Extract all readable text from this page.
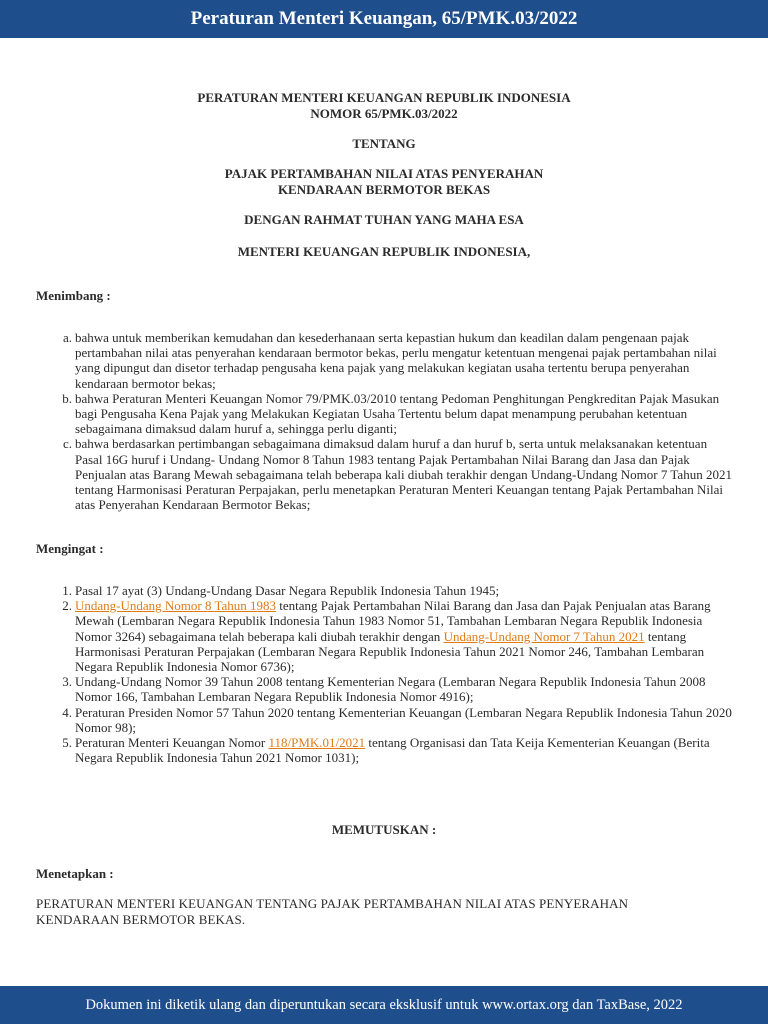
Peraturan Menteri Keuangan, 65/PMK.03/2022
PERATURAN MENTERI KEUANGAN REPUBLIK INDONESIA
NOMOR 65/PMK.03/2022
TENTANG
PAJAK PERTAMBAHAN NILAI ATAS PENYERAHAN
KENDARAAN BERMOTOR BEKAS
DENGAN RAHMAT TUHAN YANG MAHA ESA
MENTERI KEUANGAN REPUBLIK INDONESIA,
Menimbang :
a. bahwa untuk memberikan kemudahan dan kesederhanaan serta kepastian hukum dan keadilan dalam pengenaan pajak pertambahan nilai atas penyerahan kendaraan bermotor bekas, perlu mengatur ketentuan mengenai pajak pertambahan nilai yang dipungut dan disetor terhadap pengusaha kena pajak yang melakukan kegiatan usaha tertentu berupa penyerahan kendaraan bermotor bekas;
b. bahwa Peraturan Menteri Keuangan Nomor 79/PMK.03/2010 tentang Pedoman Penghitungan Pengkreditan Pajak Masukan bagi Pengusaha Kena Pajak yang Melakukan Kegiatan Usaha Tertentu belum dapat menampung perubahan ketentuan sebagaimana dimaksud dalam huruf a, sehingga perlu diganti;
c. bahwa berdasarkan pertimbangan sebagaimana dimaksud dalam huruf a dan huruf b, serta untuk melaksanakan ketentuan Pasal 16G huruf i Undang- Undang Nomor 8 Tahun 1983 tentang Pajak Pertambahan Nilai Barang dan Jasa dan Pajak Penjualan atas Barang Mewah sebagaimana telah beberapa kali diubah terakhir dengan Undang-Undang Nomor 7 Tahun 2021 tentang Harmonisasi Peraturan Perpajakan, perlu menetapkan Peraturan Menteri Keuangan tentang Pajak Pertambahan Nilai atas Penyerahan Kendaraan Bermotor Bekas;
Mengingat :
1. Pasal 17 ayat (3) Undang-Undang Dasar Negara Republik Indonesia Tahun 1945;
2. Undang-Undang Nomor 8 Tahun 1983 tentang Pajak Pertambahan Nilai Barang dan Jasa dan Pajak Penjualan atas Barang Mewah (Lembaran Negara Republik Indonesia Tahun 1983 Nomor 51, Tambahan Lembaran Negara Republik Indonesia Nomor 3264) sebagaimana telah beberapa kali diubah terakhir dengan Undang-Undang Nomor 7 Tahun 2021 tentang Harmonisasi Peraturan Perpajakan (Lembaran Negara Republik Indonesia Tahun 2021 Nomor 246, Tambahan Lembaran Negara Republik Indonesia Nomor 6736);
3. Undang-Undang Nomor 39 Tahun 2008 tentang Kementerian Negara (Lembaran Negara Republik Indonesia Tahun 2008 Nomor 166, Tambahan Lembaran Negara Republik Indonesia Nomor 4916);
4. Peraturan Presiden Nomor 57 Tahun 2020 tentang Kementerian Keuangan (Lembaran Negara Republik Indonesia Tahun 2020 Nomor 98);
5. Peraturan Menteri Keuangan Nomor 118/PMK.01/2021 tentang Organisasi dan Tata Keija Kementerian Keuangan (Berita Negara Republik Indonesia Tahun 2021 Nomor 1031);
MEMUTUSKAN :
Menetapkan :
PERATURAN MENTERI KEUANGAN TENTANG PAJAK PERTAMBAHAN NILAI ATAS PENYERAHAN KENDARAAN BERMOTOR BEKAS.
Dokumen ini diketik ulang dan diperuntukan secara eksklusif untuk www.ortax.org dan TaxBase, 2022
